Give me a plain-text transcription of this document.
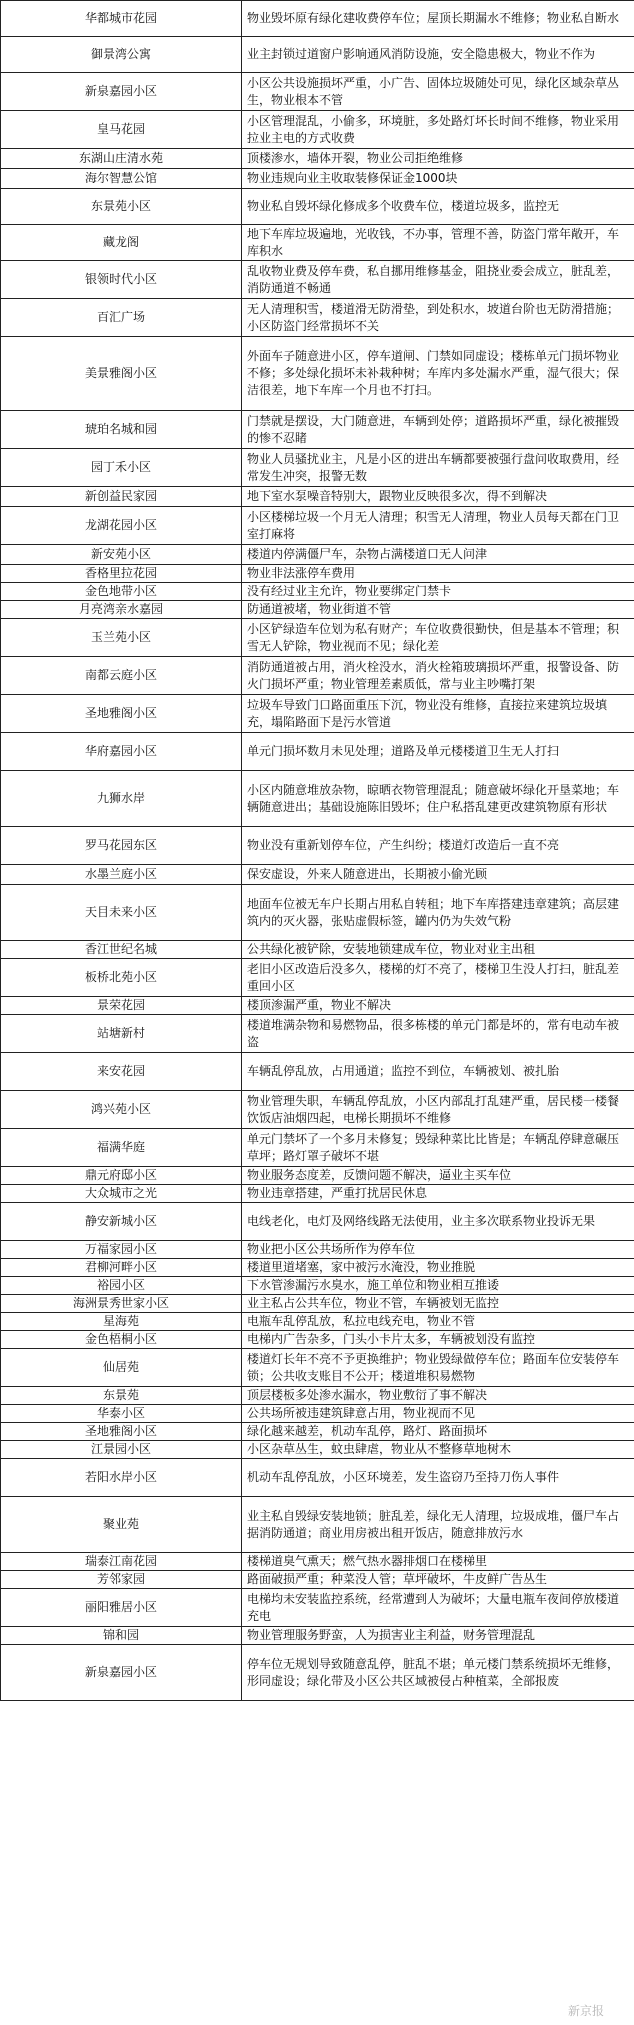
华都城市花园	物业毁坏原有绿化建收费停车位；屋顶长期漏水不维修；物业私自断水
御景湾公寓	业主封锁过道窗户影响通风消防设施，安全隐患极大，物业不作为
新泉嘉园小区	小区公共设施损坏严重，小广告、固体垃圾随处可见，绿化区域杂草丛生，物业根本不管
皇马花园	小区管理混乱，小偷多，环境脏，多处路灯坏长时间不维修，物业采用拉业主电的方式收费
东湖山庄清水苑	顶楼渗水，墙体开裂，物业公司拒绝维修
海尔智慧公馆	物业违规向业主收取装修保证金1000块
东景苑小区	物业私自毁坏绿化修成多个收费车位，楼道垃圾多，监控无
藏龙阁	地下车库垃圾遍地，光收钱，不办事，管理不善，防盗门常年敞开，车库积水
银领时代小区	乱收物业费及停车费，私自挪用维修基金，阻挠业委会成立，脏乱差，消防通道不畅通
百汇广场	无人清理积雪，楼道滑无防滑垫，到处积水，坡道台阶也无防滑措施；小区防盗门经常损坏不关
美景雅阁小区	外面车子随意进小区，停车道闸、门禁如同虚设；楼栋单元门损坏物业不修；多处绿化损坏未补栽种树；车库内多处漏水严重，湿气很大；保洁很差，地下车库一个月也不打扫。
琥珀名城和园	门禁就是摆设，大门随意进，车辆到处停；道路损坏严重，绿化被摧毁的惨不忍睹
园丁禾小区	物业人员骚扰业主，凡是小区的进出车辆都要被强行盘问收取费用，经常发生冲突，报警无数
新创益民家园	地下室水泵噪音特别大，跟物业反映很多次，得不到解决
龙湖花园小区	小区楼梯垃圾一个月无人清理；积雪无人清理，物业人员每天都在门卫室打麻将
新安苑小区	楼道内停满僵尸车，杂物占满楼道口无人问津
香格里拉花园	物业非法涨停车费用
金色地带小区	没有经过业主允许，物业要绑定门禁卡
月亮湾亲水嘉园	防通道被堵，物业街道不管
玉兰苑小区	小区铲绿造车位划为私有财产；车位收费很勤快，但是基本不管理；积雪无人铲除，物业视而不见；绿化差
南都云庭小区	消防通道被占用，消火栓没水，消火栓箱玻璃损坏严重，报警设备、防火门损坏严重；物业管理差素质低，常与业主吵嘴打架
圣地雅阁小区	垃圾车导致门口路面重压下沉，物业没有维修，直接拉来建筑垃圾填充，塌陷路面下是污水管道
华府嘉园小区	单元门损坏数月未见处理；道路及单元楼楼道卫生无人打扫
九狮水岸	小区内随意堆放杂物，晾晒衣物管理混乱；随意破坏绿化开垦菜地；车辆随意进出；基础设施陈旧毁坏；住户私搭乱建更改建筑物原有形状
罗马花园东区	物业没有重新划停车位，产生纠纷；楼道灯改造后一直不亮
水墨兰庭小区	保安虚设，外来人随意进出，长期被小偷光顾
天目未来小区	地面车位被无车户长期占用私自转租；地下车库搭建违章建筑；高层建筑内的灭火器，张贴虚假标签，罐内仍为失效气粉
香江世纪名城	公共绿化被铲除，安装地锁建成车位，物业对业主出租
板桥北苑小区	老旧小区改造后没多久，楼梯的灯不亮了，楼梯卫生没人打扫，脏乱差重回小区
景荣花园	楼顶渗漏严重，物业不解决
站塘新村	楼道堆满杂物和易燃物品，很多栋楼的单元门都是坏的，常有电动车被盗
来安花园	车辆乱停乱放，占用通道；监控不到位，车辆被划、被扎胎
鸿兴苑小区	物业管理失职，车辆乱停乱放，小区内部乱打乱建严重，居民楼一楼餐饮饭店油烟四起，电梯长期损坏不维修
福满华庭	单元门禁坏了一个多月未修复；毁绿种菜比比皆是；车辆乱停肆意碾压草坪；路灯罩子破坏不堪
鼎元府邸小区	物业服务态度差，反馈问题不解决，逼业主买车位
大众城市之光	物业违章搭建，严重打扰居民休息
静安新城小区	电线老化，电灯及网络线路无法使用，业主多次联系物业投诉无果
万福家园小区	物业把小区公共场所作为停车位
君柳河畔小区	楼道里道堵塞，家中被污水淹没，物业推脱
裕园小区	下水管渗漏污水臭水，施工单位和物业相互推诿
海洲景秀世家小区	业主私占公共车位，物业不管，车辆被划无监控
星海苑	电瓶车乱停乱放，私拉电线充电，物业不管
金色梧桐小区	电梯内广告杂多，门头小卡片太多，车辆被划没有监控
仙居苑	楼道灯长年不亮不予更换维护；物业毁绿做停车位；路面车位安装停车锁；公共收支账目不公开；楼道堆积易燃物
东景苑	顶层楼板多处渗水漏水，物业敷衍了事不解决
华泰小区	公共场所被违建筑肆意占用，物业视而不见
圣地雅阁小区	绿化越来越差，机动车乱停，路灯、路面损坏
江景园小区	小区杂草丛生，蚊虫肆虐，物业从不整修草地树木
若阳水岸小区	机动车乱停乱放，小区环境差，发生盗窃乃至持刀伤人事件
聚业苑	业主私自毁绿安装地锁；脏乱差，绿化无人清理，垃圾成堆，僵尸车占据消防通道；商业用房被出租开饭店，随意排放污水
瑞泰江南花园	楼梯道臭气熏天；燃气热水器排烟口在楼梯里
芳邻家园	路面破损严重；种菜没人管；草坪破坏，牛皮鲜广告丛生
丽阳雅居小区	电梯均未安装监控系统，经常遭到人为破坏；大量电瓶车夜间停放楼道充电
锦和园	物业管理服务野蛮，人为损害业主利益，财务管理混乱
新泉嘉园小区	停车位无规划导致随意乱停，脏乱不堪；单元楼门禁系统损坏无维修，形同虚设；绿化带及小区公共区域被侵占种植菜，全部报废
新京报
